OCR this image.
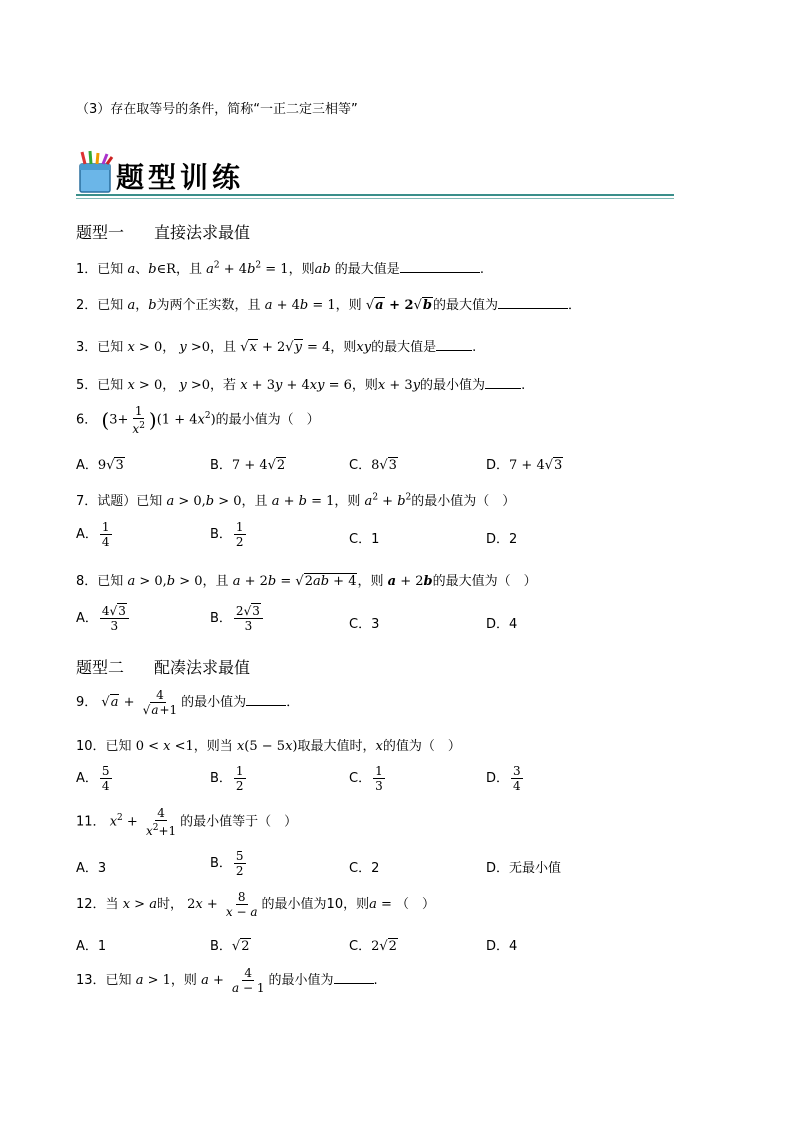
（3）存在取等号的条件，简称“一正二定三相等”
题型训练
题型一 直接法求最值
1．已知 a、b∈R，且 $a^2 + 4b^2 = 1$，则ab 的最大值是	.
2．已知 a，b为两个正实数，且 a + 4b = 1，则 √a + 2√b的最大值为	．
3．已知 x > 0， y >0，且 √x + 2√y = 4，则xy的最大值是	.
5．已知 x > 0， y >0，若 x + 3y + 4xy = 6，则x + 3y的最小值为	.
6． $(3+ \frac{1}{x^2} )(1 + 4x^2)$的最小值为（　）
A．9√3	B．7 + 4√2	C．8√3	D．7 + 4√3
7．试题）已知 a > 0,b > 0，且 a + b = 1，则 $a^2 + b^2$的最小值为（　）
A． $\frac{1}{4}$	B． $\frac{1}{2}$	C．1	D．2
8．已知 a > 0,b > 0，且 a + 2b = √2ab + 4，则 a + 2b的最大值为（　）
A． $\frac{4√3}{3}$	B． $\frac{2√3}{3}$	C．3	D．4
题型二 配凑法求最值
9． $√a + \frac{4}{√a+1}$ 的最小值为	．
10．已知 0 < x <1，则当 x(5 − 5x)取最大值时，x的值为（　）
A． $\frac{5}{4}$	B． $\frac{1}{2}$	C． $\frac{1}{3}$	D． $\frac{3}{4}$
11． $x^2 + \frac{4}{x^2+1}$ 的最小值等于（　）
A．3	B． $\frac{5}{2}$	C．2	D．无最小值
12．当 x > a时， $2x + \frac{8}{x - a}$ 的最小值为10，则a = （　）
A．1	B．√2	C．2√2	D．4
13．已知 a > 1，则 $a + \frac{4}{a - 1}$ 的最小值为	.
